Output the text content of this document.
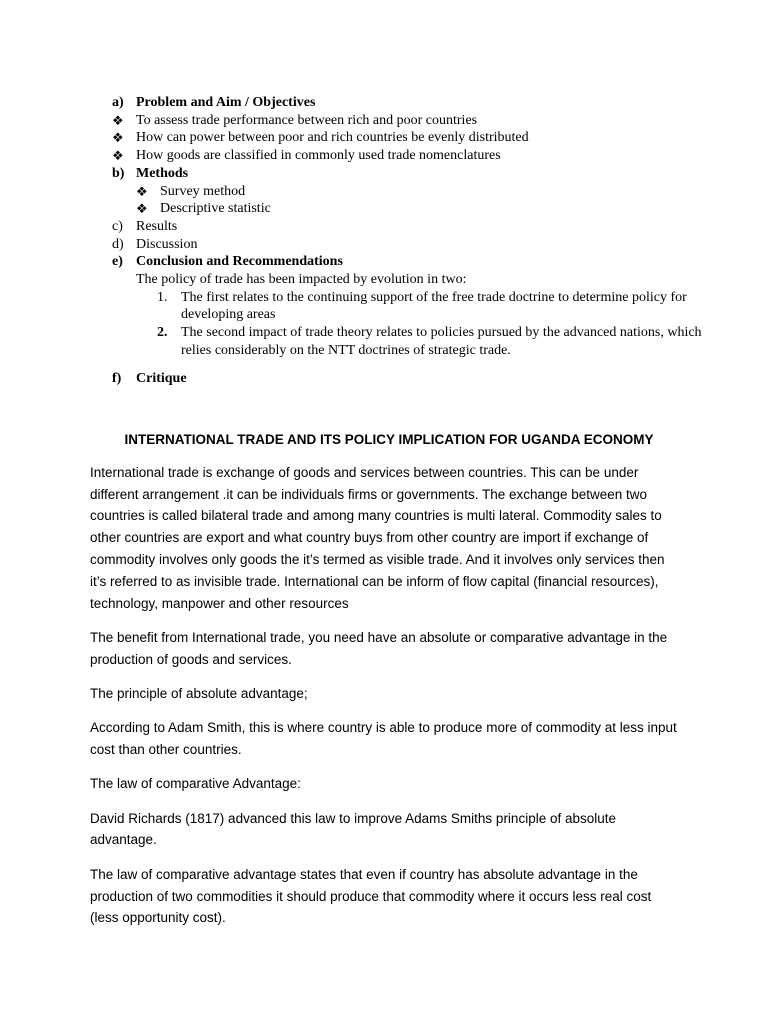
a) Problem and Aim / Objectives
❖ To assess trade performance between rich and poor countries
❖ How can power between poor and rich countries be evenly distributed
❖ How goods are classified in commonly used trade nomenclatures
b) Methods
❖ Survey method
❖ Descriptive statistic
c) Results
d) Discussion
e) Conclusion and Recommendations
The policy of trade has been impacted by evolution in two:
1. The first relates to the continuing support of the free trade doctrine to determine policy for developing areas
2. The second impact of trade theory relates to policies pursued by the advanced nations, which relies considerably on the NTT doctrines of strategic trade.
f)	Critique
INTERNATIONAL TRADE AND ITS POLICY IMPLICATION FOR UGANDA ECONOMY

International trade is exchange of goods and services between countries. This can be under different arrangement .it can be individuals firms or governments. The exchange between two countries is called bilateral trade and among many countries is multi lateral. Commodity sales to other countries are export and what country buys from other country are import if exchange of commodity involves only goods the it’s termed as visible trade. And it involves only services then it’s referred to as invisible trade. International can be inform of flow capital (financial resources), technology, manpower and other resources

The benefit from International trade, you need have an absolute or comparative advantage in the production of goods and services.

The principle of absolute advantage;

According to Adam Smith, this is where country is able to produce more of commodity at less input cost than other countries.

The law of comparative Advantage:

David Richards (1817) advanced this law to improve Adams Smiths principle of absolute advantage.

The law of comparative advantage states that even if country has absolute advantage in the production of two commodities it should produce that commodity where it occurs less real cost (less opportunity cost).
